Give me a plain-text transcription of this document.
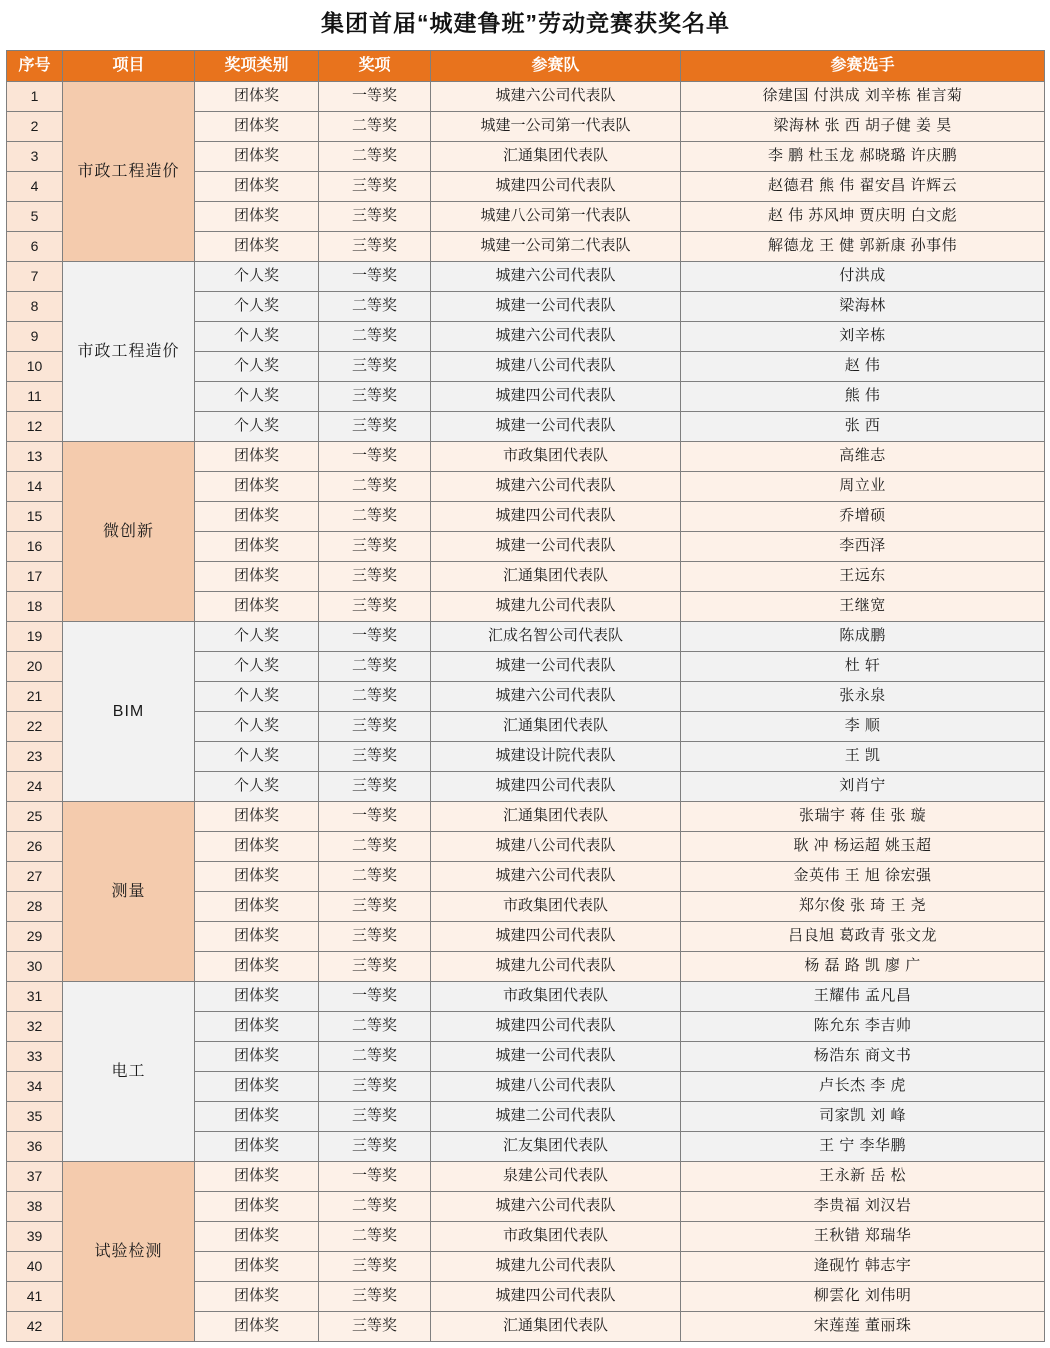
集团首届“城建鲁班”劳动竞赛获奖名单					
序号	项目	奖项类别	奖项	参赛队	参赛选手
1	市政工程造价	团体奖	一等奖	城建六公司代表队	徐建国 付洪成 刘辛栋 崔言菊
2		团体奖	二等奖	城建一公司第一代表队	梁海林 张 西 胡子健 姜 昊
3		团体奖	二等奖	汇通集团代表队	李 鹏 杜玉龙 郝晓璐 许庆鹏
4		团体奖	三等奖	城建四公司代表队	赵德君 熊 伟 翟安昌 许辉云
5		团体奖	三等奖	城建八公司第一代表队	赵 伟 苏风坤 贾庆明 白文彪
6		团体奖	三等奖	城建一公司第二代表队	解德龙 王 健 郭新康 孙事伟
7	市政工程造价	个人奖	一等奖	城建六公司代表队	付洪成
8		个人奖	二等奖	城建一公司代表队	梁海林
9		个人奖	二等奖	城建六公司代表队	刘辛栋
10		个人奖	三等奖	城建八公司代表队	赵 伟
11		个人奖	三等奖	城建四公司代表队	熊 伟
12		个人奖	三等奖	城建一公司代表队	张 西
13	微创新	团体奖	一等奖	市政集团代表队	高维志
14		团体奖	二等奖	城建六公司代表队	周立业
15		团体奖	二等奖	城建四公司代表队	乔增硕
16		团体奖	三等奖	城建一公司代表队	李西泽
17		团体奖	三等奖	汇通集团代表队	王远东
18		团体奖	三等奖	城建九公司代表队	王继宽
19	BIM	个人奖	一等奖	汇成名智公司代表队	陈成鹏
20		个人奖	二等奖	城建一公司代表队	杜 轩
21		个人奖	二等奖	城建六公司代表队	张永泉
22		个人奖	三等奖	汇通集团代表队	李 顺
23		个人奖	三等奖	城建设计院代表队	王 凯
24		个人奖	三等奖	城建四公司代表队	刘肖宁
25	测量	团体奖	一等奖	汇通集团代表队	张瑞宇 蒋 佳 张 璇
26		团体奖	二等奖	城建八公司代表队	耿 冲 杨运超 姚玉超
27		团体奖	二等奖	城建六公司代表队	金英伟 王 旭 徐宏强
28		团体奖	三等奖	市政集团代表队	郑尔俊 张 琦 王 尧
29		团体奖	三等奖	城建四公司代表队	吕良旭 葛政青 张文龙
30		团体奖	三等奖	城建九公司代表队	杨 磊 路 凯 廖 广
31	电工	团体奖	一等奖	市政集团代表队	王耀伟 孟凡昌
32		团体奖	二等奖	城建四公司代表队	陈允东 李吉帅
33		团体奖	二等奖	城建一公司代表队	杨浩东 商文书
34		团体奖	三等奖	城建八公司代表队	卢长杰 李 虎
35		团体奖	三等奖	城建二公司代表队	司家凯 刘 峰
36		团体奖	三等奖	汇友集团代表队	王 宁 李华鹏
37	试验检测	团体奖	一等奖	泉建公司代表队	王永新 岳 松
38		团体奖	二等奖	城建六公司代表队	李贵福 刘汉岩
39		团体奖	二等奖	市政集团代表队	王秋错 郑瑞华
40		团体奖	三等奖	城建九公司代表队	逄砚竹 韩志宇
41		团体奖	三等奖	城建四公司代表队	柳雲化 刘伟明
42		团体奖	三等奖	汇通集团代表队	宋莲莲 董丽珠
